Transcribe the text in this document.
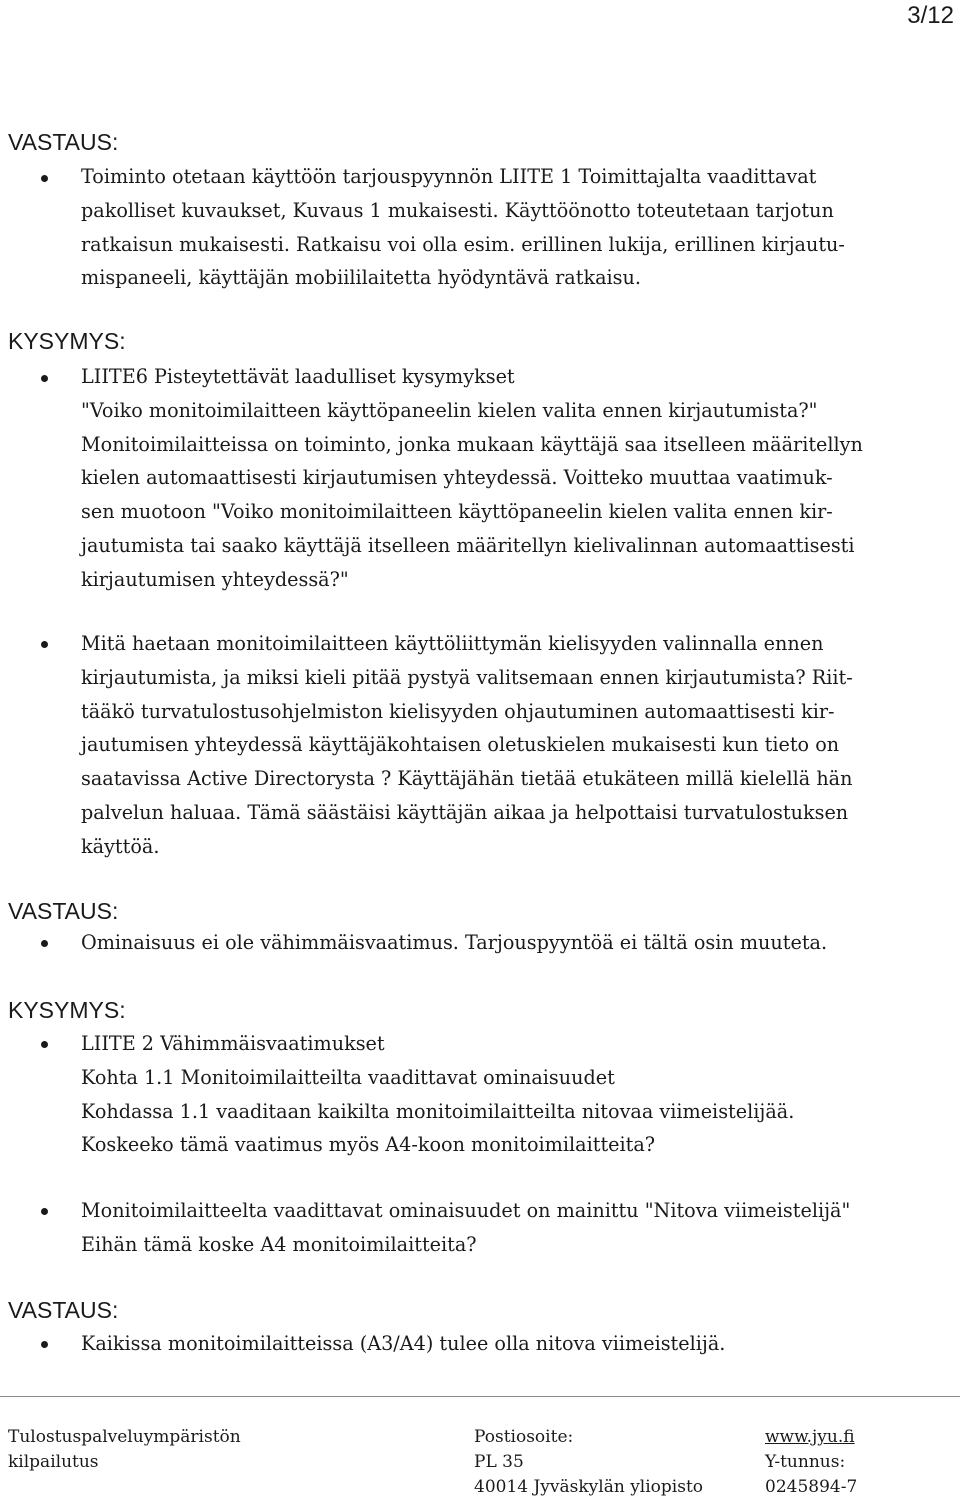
3/12
VASTAUS:
Toiminto otetaan käyttöön tarjouspyynnön LIITE 1 Toimittajalta vaadittavat
pakolliset kuvaukset, Kuvaus 1 mukaisesti. Käyttöönotto toteutetaan tarjotun
ratkaisun mukaisesti. Ratkaisu voi olla esim. erillinen lukija, erillinen kirjautu-
mispaneeli, käyttäjän mobiililaitetta hyödyntävä ratkaisu.
KYSYMYS:
LIITE6 Pisteytettävät laadulliset kysymykset
"Voiko monitoimilaitteen käyttöpaneelin kielen valita ennen kirjautumista?"
Monitoimilaitteissa on toiminto, jonka mukaan käyttäjä saa itselleen määritellyn
kielen automaattisesti kirjautumisen yhteydessä. Voitteko muuttaa vaatimuk-
sen muotoon "Voiko monitoimilaitteen käyttöpaneelin kielen valita ennen kir-
jautumista tai saako käyttäjä itselleen määritellyn kielivalinnan automaattisesti
kirjautumisen yhteydessä?"
Mitä haetaan monitoimilaitteen käyttöliittymän kielisyyden valinnalla ennen
kirjautumista, ja miksi kieli pitää pystyä valitsemaan ennen kirjautumista? Riit-
tääkö turvatulostusohjelmiston kielisyyden ohjautuminen automaattisesti kir-
jautumisen yhteydessä käyttäjäkohtaisen oletuskielen mukaisesti kun tieto on
saatavissa Active Directorysta ? Käyttäjähän tietää etukäteen millä kielellä hän
palvelun haluaa. Tämä säästäisi käyttäjän aikaa ja helpottaisi turvatulostuksen
käyttöä.
VASTAUS:
Ominaisuus ei ole vähimmäisvaatimus. Tarjouspyyntöä ei tältä osin muuteta.
KYSYMYS:
LIITE 2 Vähimmäisvaatimukset
Kohta 1.1 Monitoimilaitteilta vaadittavat ominaisuudet
Kohdassa 1.1 vaaditaan kaikilta monitoimilaitteilta nitovaa viimeistelijää.
Koskeeko tämä vaatimus myös A4-koon monitoimilaitteita?
Monitoimilaitteelta vaadittavat ominaisuudet on mainittu "Nitova viimeistelijä"
Eihän tämä koske A4 monitoimilaitteita?
VASTAUS:
Kaikissa monitoimilaitteissa (A3/A4) tulee olla nitova viimeistelijä.
Tulostuspalveluympäristön
kilpailutus
Postiosoite:
PL 35
40014 Jyväskylän yliopisto
www.jyu.fi
Y-tunnus:
0245894-7
